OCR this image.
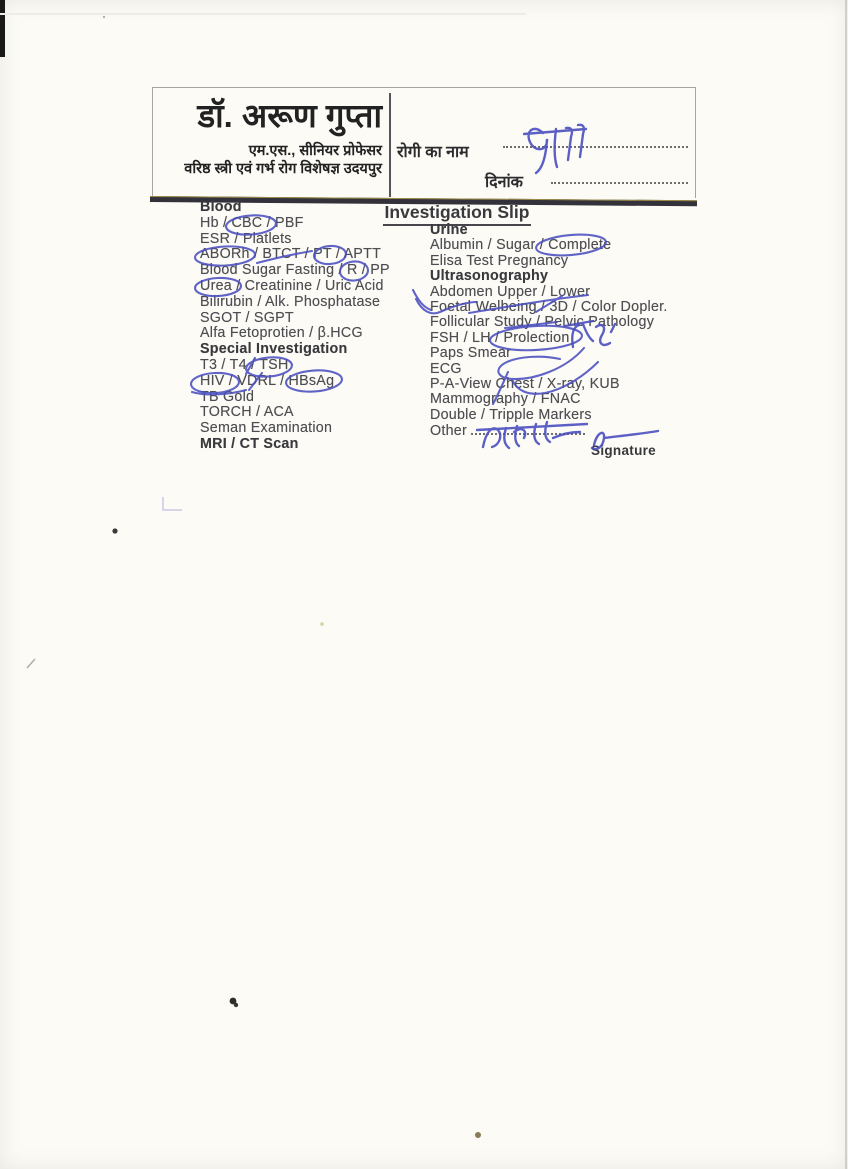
डॉ. अरूण गुप्ता
एम.एस., सीनियर प्रोफेसर
वरिष्ठ स्त्री एवं गर्भ रोग विशेषज्ञ उदयपुर
रोगी का नाम
दिनांक
Investigation Slip
Blood
Hb / CBC / PBF
ESR / Platlets
ABORh / BTCT / PT / APTT
Blood Sugar Fasting / R / PP
Urea / Creatinine / Uric Acid
Bilirubin / Alk. Phosphatase
SGOT / SGPT
Alfa Fetoprotien / β.HCG
Special Investigation
T3 / T4 / TSH
HIV / VDRL / HBsAg
TB Gold
TORCH / ACA
Seman Examination
MRI / CT Scan
Urine
Albumin / Sugar / Complete
Elisa Test Pregnancy
Ultrasonography
Abdomen Upper / Lower
Foetal Welbeing / 3D / Color Dopler.
Follicular Study / Pelvic Pathology
FSH / LH / Prolection
Paps Smear
ECG
P-A-View Chest / X-ray, KUB
Mammography / FNAC
Double / Tripple Markers
Other
Signature
